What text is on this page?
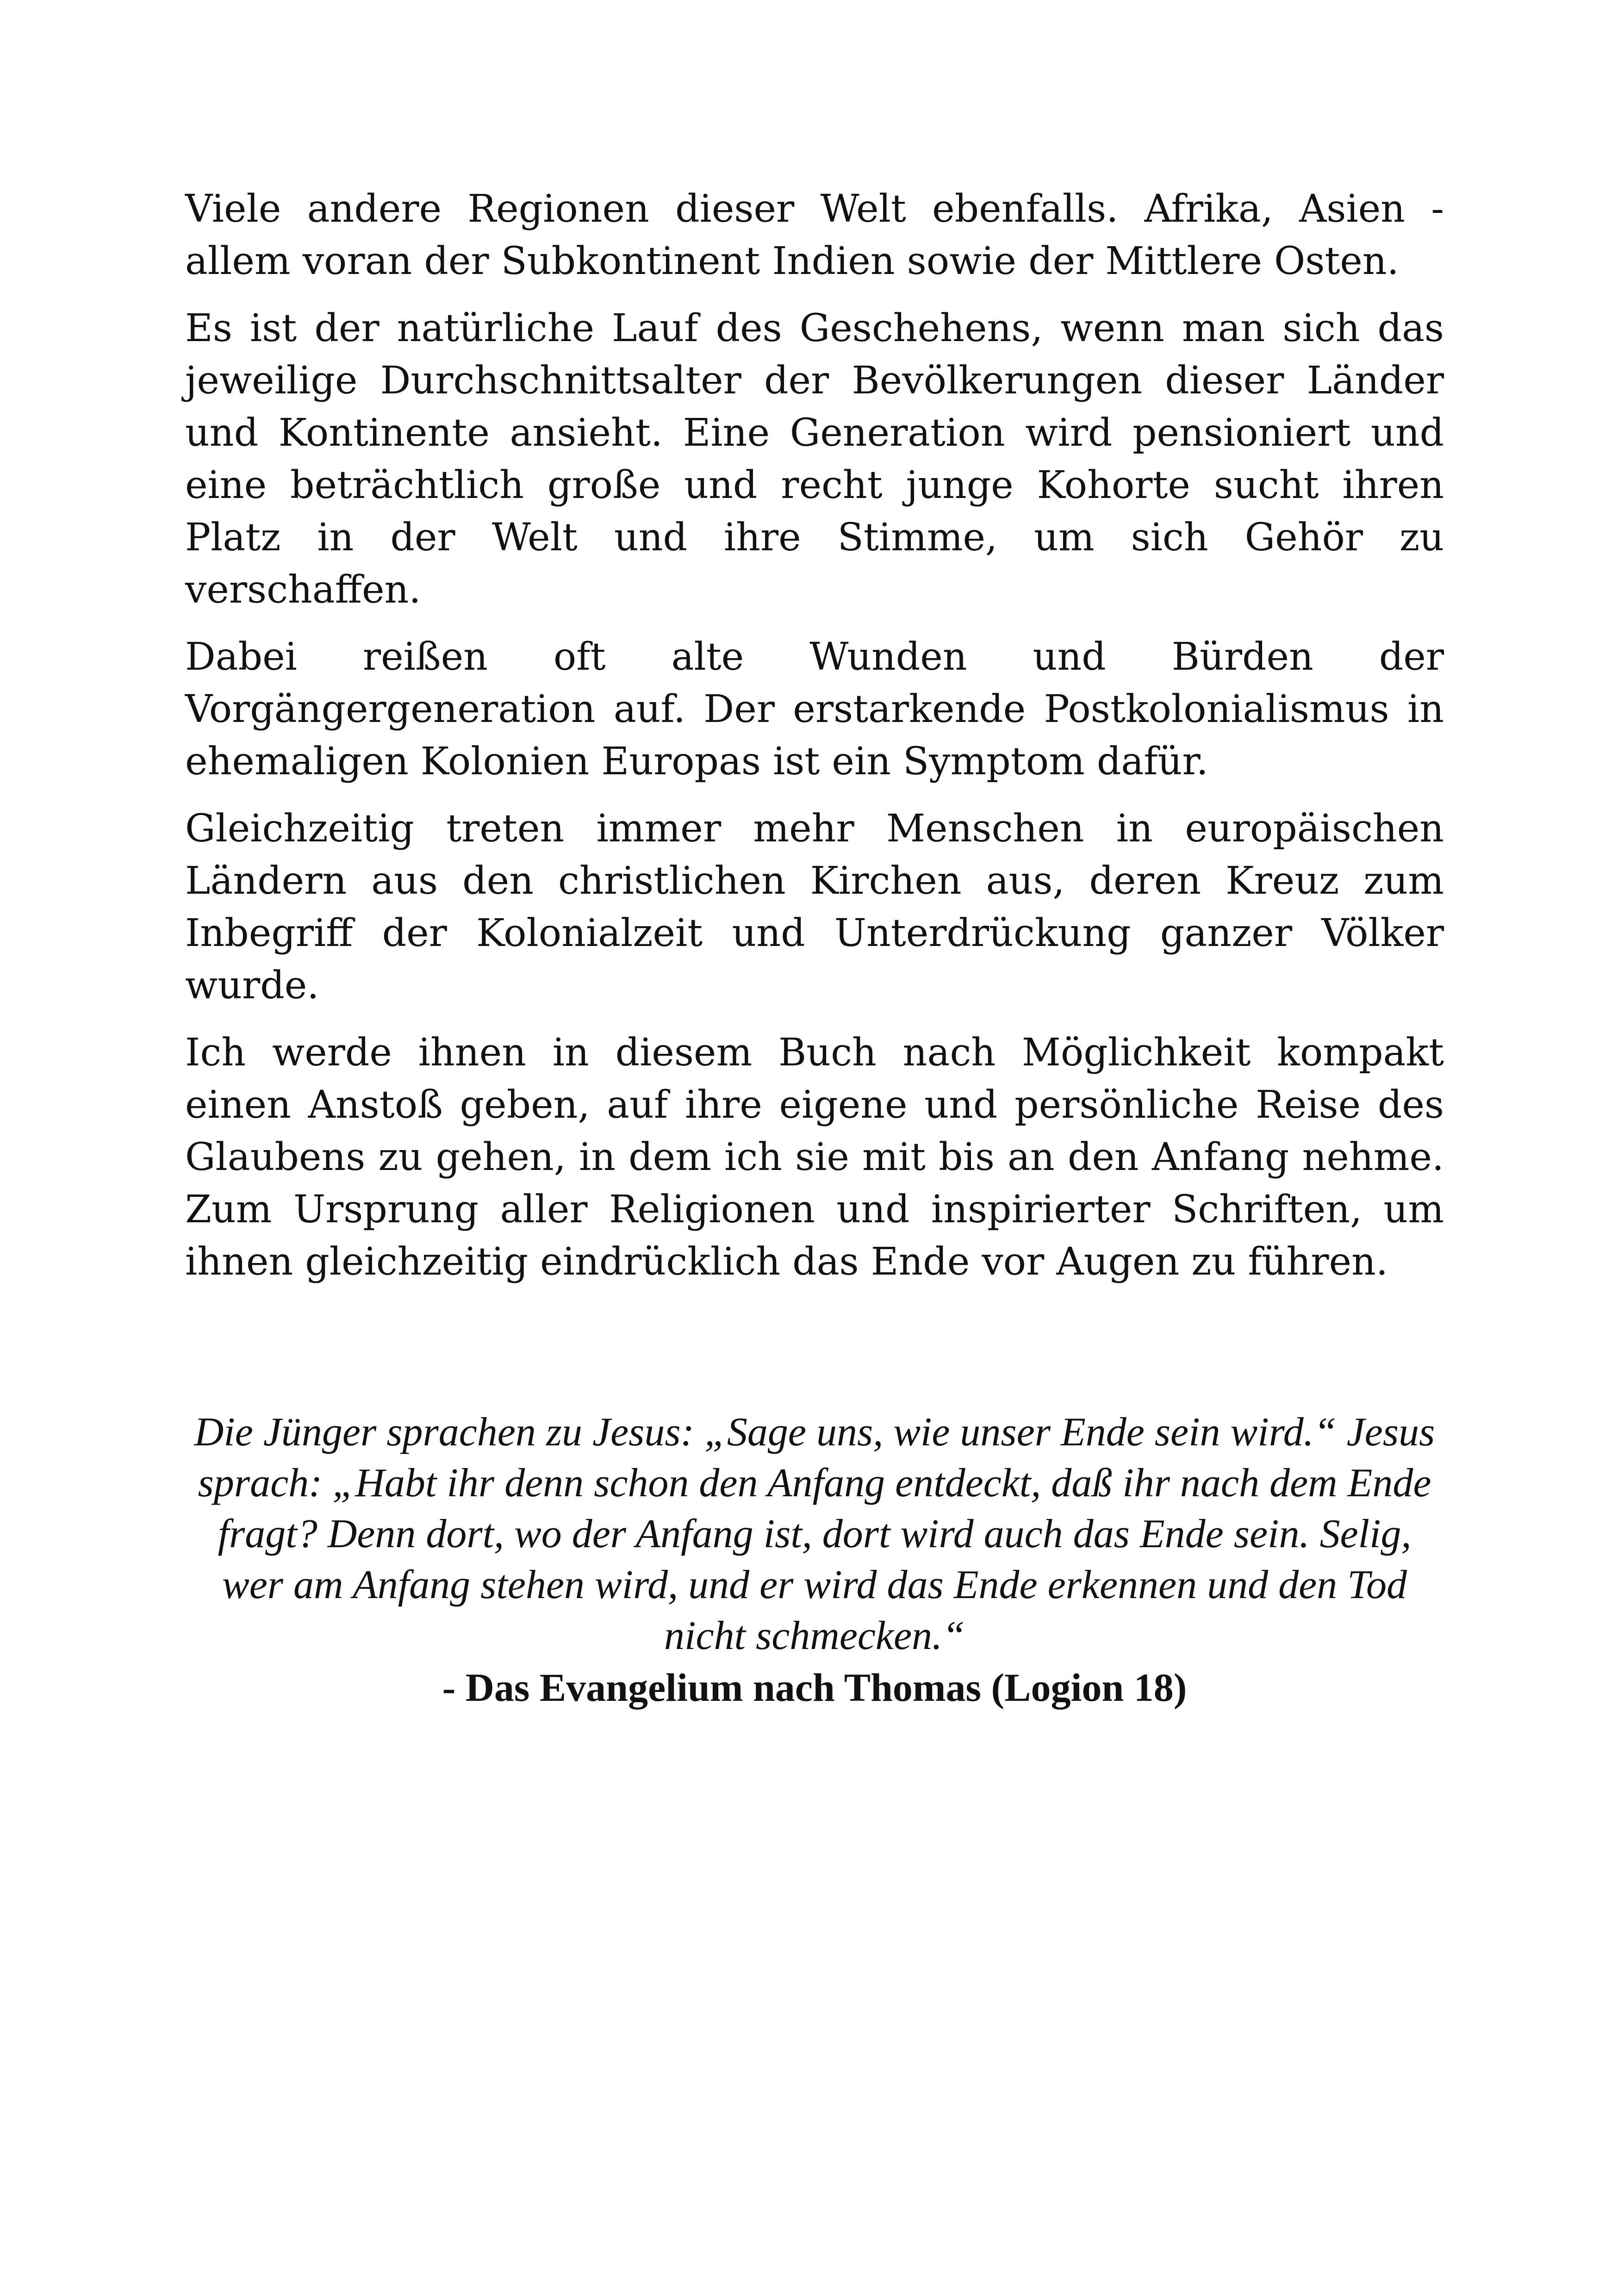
Viele andere Regionen dieser Welt ebenfalls. Afrika, Asien - allem voran der Subkontinent Indien sowie der Mittlere Osten.

Es ist der natürliche Lauf des Geschehens, wenn man sich das jeweilige Durchschnittsalter der Bevölkerungen dieser Länder und Kontinente ansieht. Eine Generation wird pensioniert und eine beträchtlich große und recht junge Kohorte sucht ihren Platz in der Welt und ihre Stimme, um sich Gehör zu verschaffen.

Dabei reißen oft alte Wunden und Bürden der Vorgängergeneration auf. Der erstarkende Postkolonialismus in ehemaligen Kolonien Europas ist ein Symptom dafür.

Gleichzeitig treten immer mehr Menschen in europäischen Ländern aus den christlichen Kirchen aus, deren Kreuz zum Inbegriff der Kolonialzeit und Unterdrückung ganzer Völker wurde.

Ich werde ihnen in diesem Buch nach Möglichkeit kompakt einen Anstoß geben, auf ihre eigene und persönliche Reise des Glaubens zu gehen, in dem ich sie mit bis an den Anfang nehme. Zum Ursprung aller Religionen und inspirierter Schriften, um ihnen gleichzeitig eindrücklich das Ende vor Augen zu führen.

Die Jünger sprachen zu Jesus: „Sage uns, wie unser Ende sein wird.“ Jesus sprach: „Habt ihr denn schon den Anfang entdeckt, daß ihr nach dem Ende fragt? Denn dort, wo der Anfang ist, dort wird auch das Ende sein. Selig, wer am Anfang stehen wird, und er wird das Ende erkennen und den Tod nicht schmecken.“

- Das Evangelium nach Thomas (Logion 18)
